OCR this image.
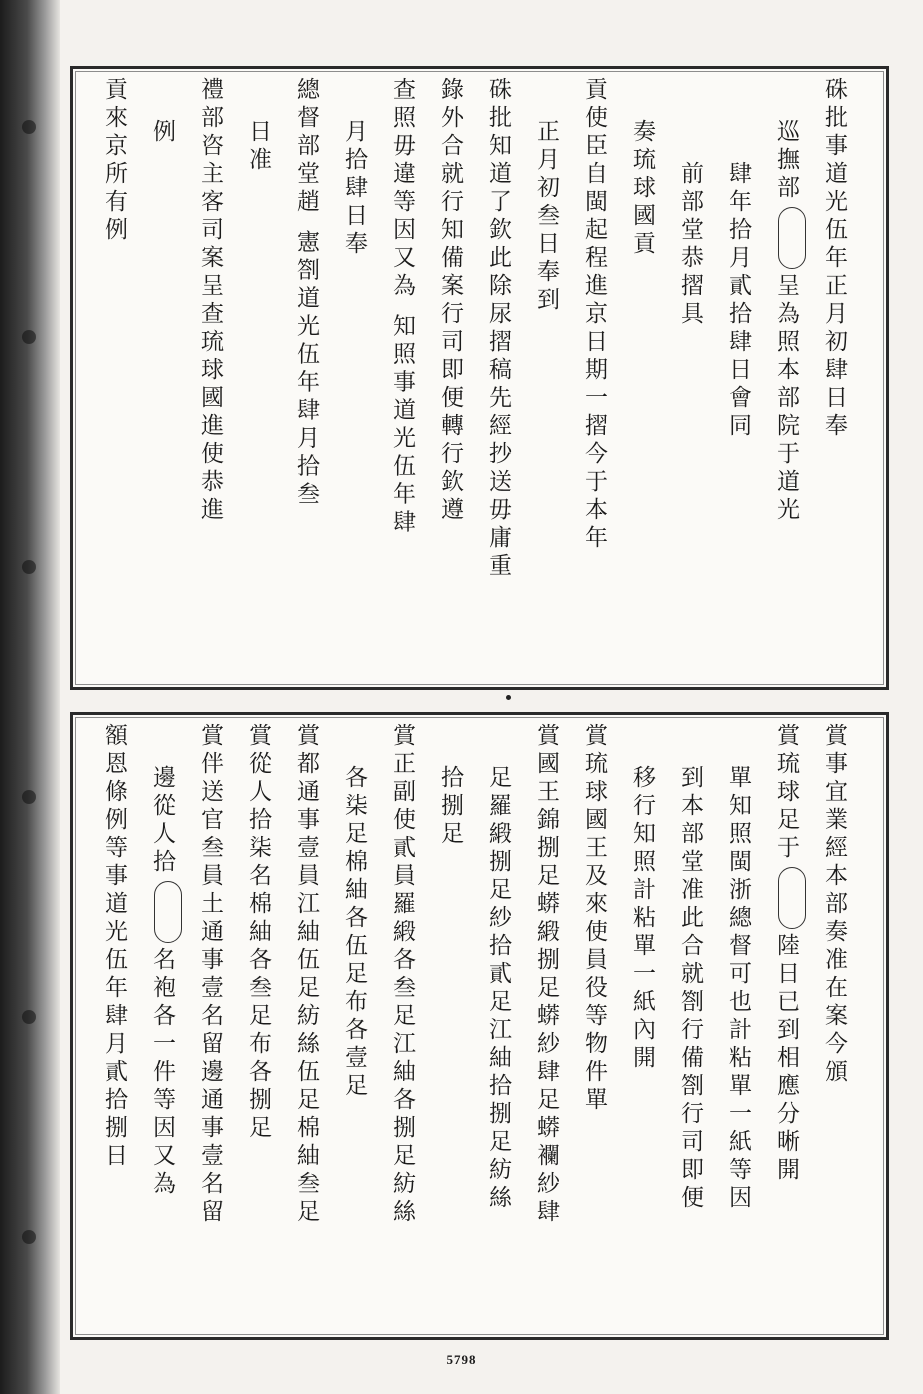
硃批事道光伍年正月初肆日奉
巡撫部呈為照本部院于道光
肆年拾月貳拾肆日會同
前部堂恭摺具
奏琉球國貢
貢使臣自閩起程進京日期一摺今于本年
正月初叁日奉到
硃批知道了欽此除尿摺稿先經抄送毋庸重
錄外合就行知備案行司即便轉行欽遵
查照毋違等因又為 知照事道光伍年肆
月拾肆日奉
總督部堂趙 憲劄道光伍年肆月拾叁
日准
禮部咨主客司案呈查琉球國進使恭進
例
貢來京所有例
賞事宜業經本部奏准在案今頒
賞琉球足于陸日已到相應分晰開
單知照閩浙總督可也計粘單一紙等因
到本部堂准此合就劄行備劄行司即便
移行知照計粘單一紙內開
賞琉球國王及來使員役等物件單
賞國王錦捌足蟒緞捌足蟒紗肆足蟒襴紗肆
足羅緞捌足紗拾貳足江紬拾捌足紡絲
拾捌足
賞正副使貳員羅緞各叁足江紬各捌足紡絲
各柒足棉紬各伍足布各壹足
賞都通事壹員江紬伍足紡絲伍足棉紬叁足
賞從人拾柒名棉紬各叁足布各捌足
賞伴送官叁員土通事壹名留邊通事壹名留
邊從人拾名袍各一件等因又為
額恩條例等事道光伍年肆月貳拾捌日
5798
